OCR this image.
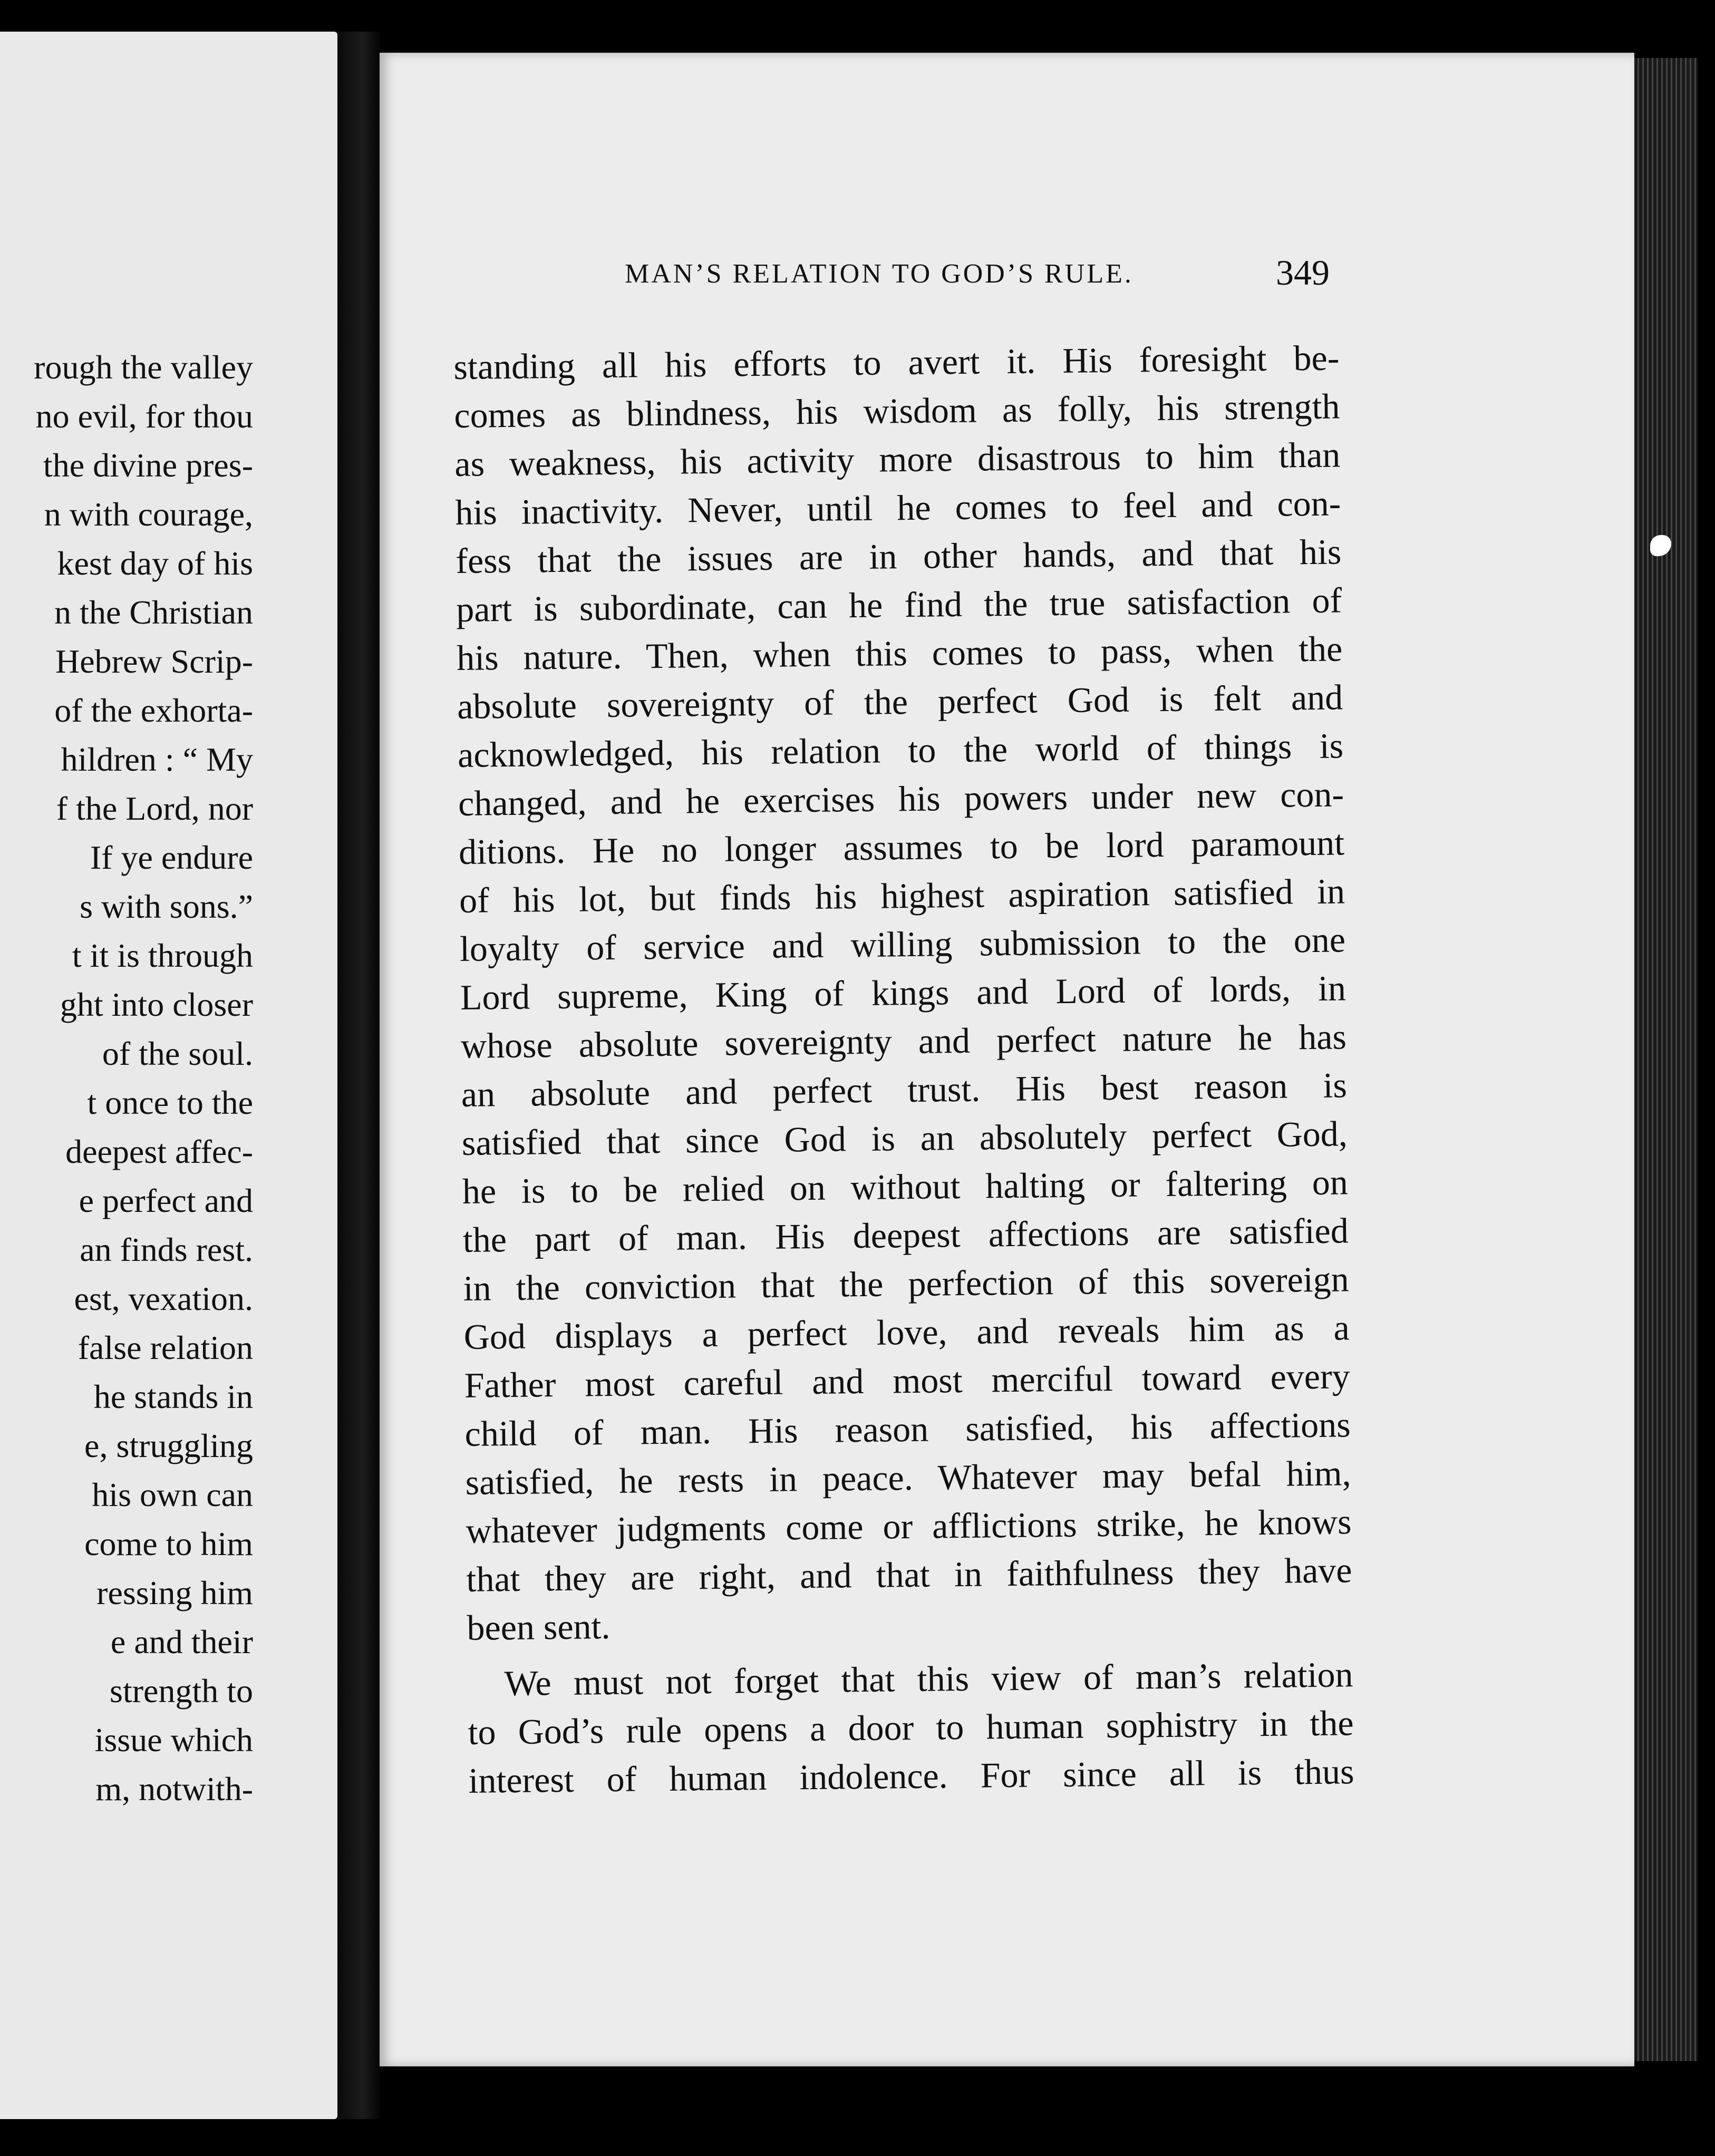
rough the valley
no evil, for thou
the divine pres-
n with courage,
kest day of his
n the Christian
Hebrew Scrip-
of the exhorta-
hildren : “ My
f the Lord, nor
If ye endure
s with sons.”
t it is through
ght into closer
of the soul.
t once to the
deepest affec-
e perfect and
an finds rest.
est, vexation.
false relation
he stands in
e, struggling
his own can
come to him
ressing him
e and their
strength to
issue which
m, notwith-
MAN’S RELATION TO GOD’S RULE.	349
standing all his efforts to avert it. His foresight be-
comes as blindness, his wisdom as folly, his strength
as weakness, his activity more disastrous to him than
his inactivity. Never, until he comes to feel and con-
fess that the issues are in other hands, and that his
part is subordinate, can he find the true satisfaction of
his nature. Then, when this comes to pass, when the
absolute sovereignty of the perfect God is felt and
acknowledged, his relation to the world of things is
changed, and he exercises his powers under new con-
ditions. He no longer assumes to be lord paramount
of his lot, but finds his highest aspiration satisfied in
loyalty of service and willing submission to the one
Lord supreme, King of kings and Lord of lords, in
whose absolute sovereignty and perfect nature he has
an absolute and perfect trust. His best reason is
satisfied that since God is an absolutely perfect God,
he is to be relied on without halting or faltering on
the part of man. His deepest affections are satisfied
in the conviction that the perfection of this sovereign
God displays a perfect love, and reveals him as a
Father most careful and most merciful toward every
child of man. His reason satisfied, his affections
satisfied, he rests in peace. Whatever may befal him,
whatever judgments come or afflictions strike, he knows
that they are right, and that in faithfulness they have
been sent.
We must not forget that this view of man’s relation
to God’s rule opens a door to human sophistry in the
interest of human indolence. For since all is thus
